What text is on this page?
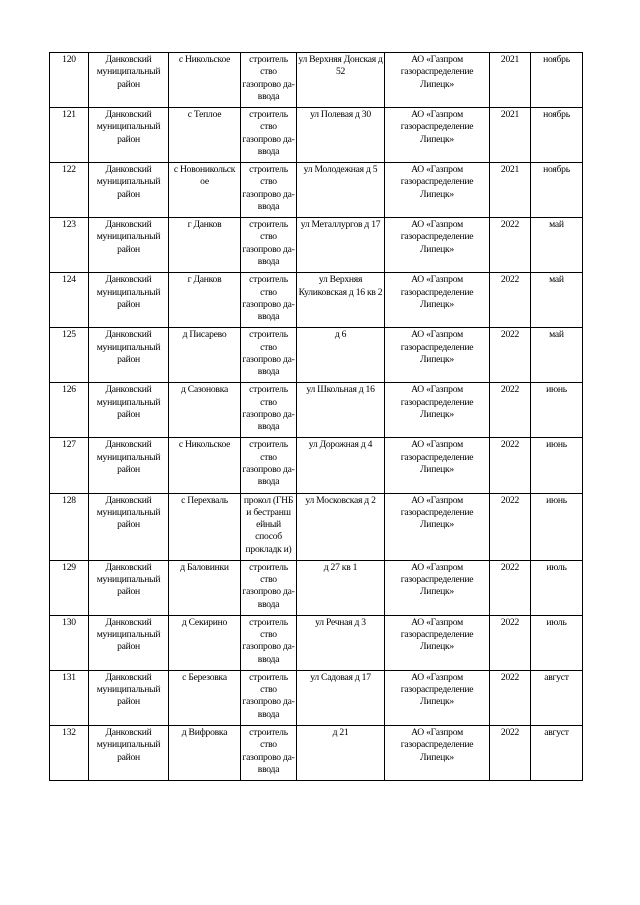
120	Данковский муниципальный район	с Никольское	строитель ство газопрово да-ввода	ул Верхняя Донская д 52	АО «Газпром газораспределение Липецк»	2021	ноябрь
121	Данковский муниципальный район	с Теплое	строитель ство газопрово да-ввода	ул Полевая д 30	АО «Газпром газораспределение Липецк»	2021	ноябрь
122	Данковский муниципальный район	с Новоникольск ое	строитель ство газопрово да-ввода	ул Молодежная д 5	АО «Газпром газораспределение Липецк»	2021	ноябрь
123	Данковский муниципальный район	г Данков	строитель ство газопрово да-ввода	ул Металлургов д 17	АО «Газпром газораспределение Липецк»	2022	май
124	Данковский муниципальный район	г Данков	строитель ство газопрово да-ввода	ул Верхняя Куликовская д 16 кв 2	АО «Газпром газораспределение Липецк»	2022	май
125	Данковский муниципальный район	д Писарево	строитель ство газопрово да-ввода	д 6	АО «Газпром газораспределение Липецк»	2022	май
126	Данковский муниципальный район	д Сазоновка	строитель ство газопрово да-ввода	ул Школьная д 16	АО «Газпром газораспределение Липецк»	2022	июнь
127	Данковский муниципальный район	с Никольское	строитель ство газопрово да-ввода	ул Дорожная д 4	АО «Газпром газораспределение Липецк»	2022	июнь
128	Данковский муниципальный район	с Перехваль	прокол (ГНБ и бестранш ейный способ прокладк и)	ул Московская д 2	АО «Газпром газораспределение Липецк»	2022	июнь
129	Данковский муниципальный район	д Баловинки	строитель ство газопрово да-ввода	д 27 кв 1	АО «Газпром газораспределение Липецк»	2022	июль
130	Данковский муниципальный район	д Секирино	строитель ство газопрово да-ввода	ул Речная д 3	АО «Газпром газораспределение Липецк»	2022	июль
131	Данковский муниципальный район	с Березовка	строитель ство газопрово да-ввода	ул Садовая д 17	АО «Газпром газораспределение Липецк»	2022	август
132	Данковский муниципальный район	д Вифровка	строитель ство газопрово да-ввода	д 21	АО «Газпром газораспределение Липецк»	2022	август
